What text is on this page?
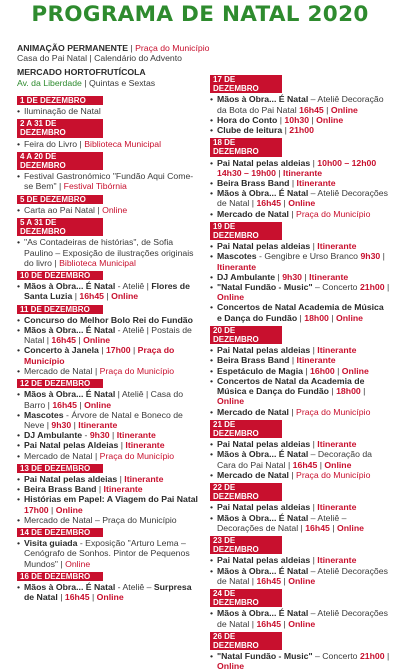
PROGRAMA DE NATAL 2020
ANIMAÇÃO PERMANENTE | Praça do Município
Casa do Pai Natal | Calendário do Advento
MERCADO HORTOFRUTÍCOLA
Av. da Liberdade | Quintas e Sextas
1 DE DEZEMBRO
• Iluminação de Natal
2 A 31 DE DEZEMBRO
• Feira do Livro | Biblioteca Municipal
4 A 20 DE DEZEMBRO
• Festival Gastronómico "Fundão Aqui Come-se Bem" | Festival Tibórnia
5 DE DEZEMBRO
• Carta ao Pai Natal | Online
5 A 31 DE DEZEMBRO
• "As Contadeiras de histórias", de Sofia Paulino – Exposição de ilustrações originais do livro | Biblioteca Municipal
10 DE DEZEMBRO
• Mãos à Obra... É Natal - Ateliê | Flores de Santa Luzia | 16h45 | Online
11 DE DEZEMBRO
• Concurso do Melhor Bolo Rei do Fundão
• Mãos à Obra... É Natal - Ateliê | Postais de Natal | 16h45 | Online
• Concerto à Janela | 17h00 | Praça do Município
• Mercado de Natal | Praça do Município
12 DE DEZEMBRO
• Mãos à Obra... É Natal | Ateliê | Casa do Barro | 16h45 | Online
• Mascotes - Árvore de Natal e Boneco de Neve | 9h30 | Itinerante
• DJ Ambulante - 9h30 | Itinerante
• Pai Natal pelas Aldeias | Itinerante
• Mercado de Natal | Praça do Município
13 DE DEZEMBRO
• Pai Natal pelas aldeias | Itinerante
• Beira Brass Band | Itinerante
• Histórias em Papel: A Viagem do Pai Natal 17h00 | Online
• Mercado de Natal – Praça do Município
14 DE DEZEMBRO
• Visita guiada - Exposição "Arturo Lema – Cenógrafo de Sonhos. Pintor de Pequenos Mundos" | Online
16 DE DEZEMBRO
• Mãos à Obra... É Natal - Ateliê – Surpresa de Natal | 16h45 | Online
17 DE DEZEMBRO
• Mãos à Obra... É Natal – Ateliê Decoração da Bota do Pai Natal 16h45 | Online
• Hora do Conto | 10h30 | Online
• Clube de leitura | 21h00
18 DE DEZEMBRO
• Pai Natal pelas aldeias | 10h00 – 12h00 14h30 – 19h00 | Itinerante
• Beira Brass Band | Itinerante
• Mãos à Obra... É Natal – Ateliê Decorações de Natal | 16h45 | Online
• Mercado de Natal | Praça do Município
19 DE DEZEMBRO
• Pai Natal pelas aldeias | Itinerante
• Mascotes - Gengibre e Urso Branco 9h30 | Itinerante
• DJ Ambulante | 9h30 | Itinerante
• "Natal Fundão - Music" – Concerto 21h00 | Online
• Concertos de Natal Academia de Música e Dança do Fundão | 18h00 | Online
20 DE DEZEMBRO
• Pai Natal pelas aldeias | Itinerante
• Beira Brass Band | Itinerante
• Espetáculo de Magia | 16h00 | Online
• Concertos de Natal da Academia de Música e Dança do Fundão | 18h00 | Online
• Mercado de Natal | Praça do Município
21 DE DEZEMBRO
• Pai Natal pelas aldeias | Itinerante
• Mãos à Obra... É Natal – Decoração da Cara do Pai Natal | 16h45 | Online
• Mercado de Natal | Praça do Município
22 DE DEZEMBRO
• Pai Natal pelas aldeias | Itinerante
• Mãos à Obra... É Natal – Ateliê – Decorações de Natal | 16h45 | Online
23 DE DEZEMBRO
• Pai Natal pelas aldeias | Itinerante
• Mãos à Obra... É Natal – Ateliê Decorações de Natal | 16h45 | Online
24 DE DEZEMBRO
• Mãos à Obra... É Natal – Ateliê Decorações de Natal | 16h45 | Online
26 DE DEZEMBRO
• "Natal Fundão - Music" – Concerto 21h00 | Online
